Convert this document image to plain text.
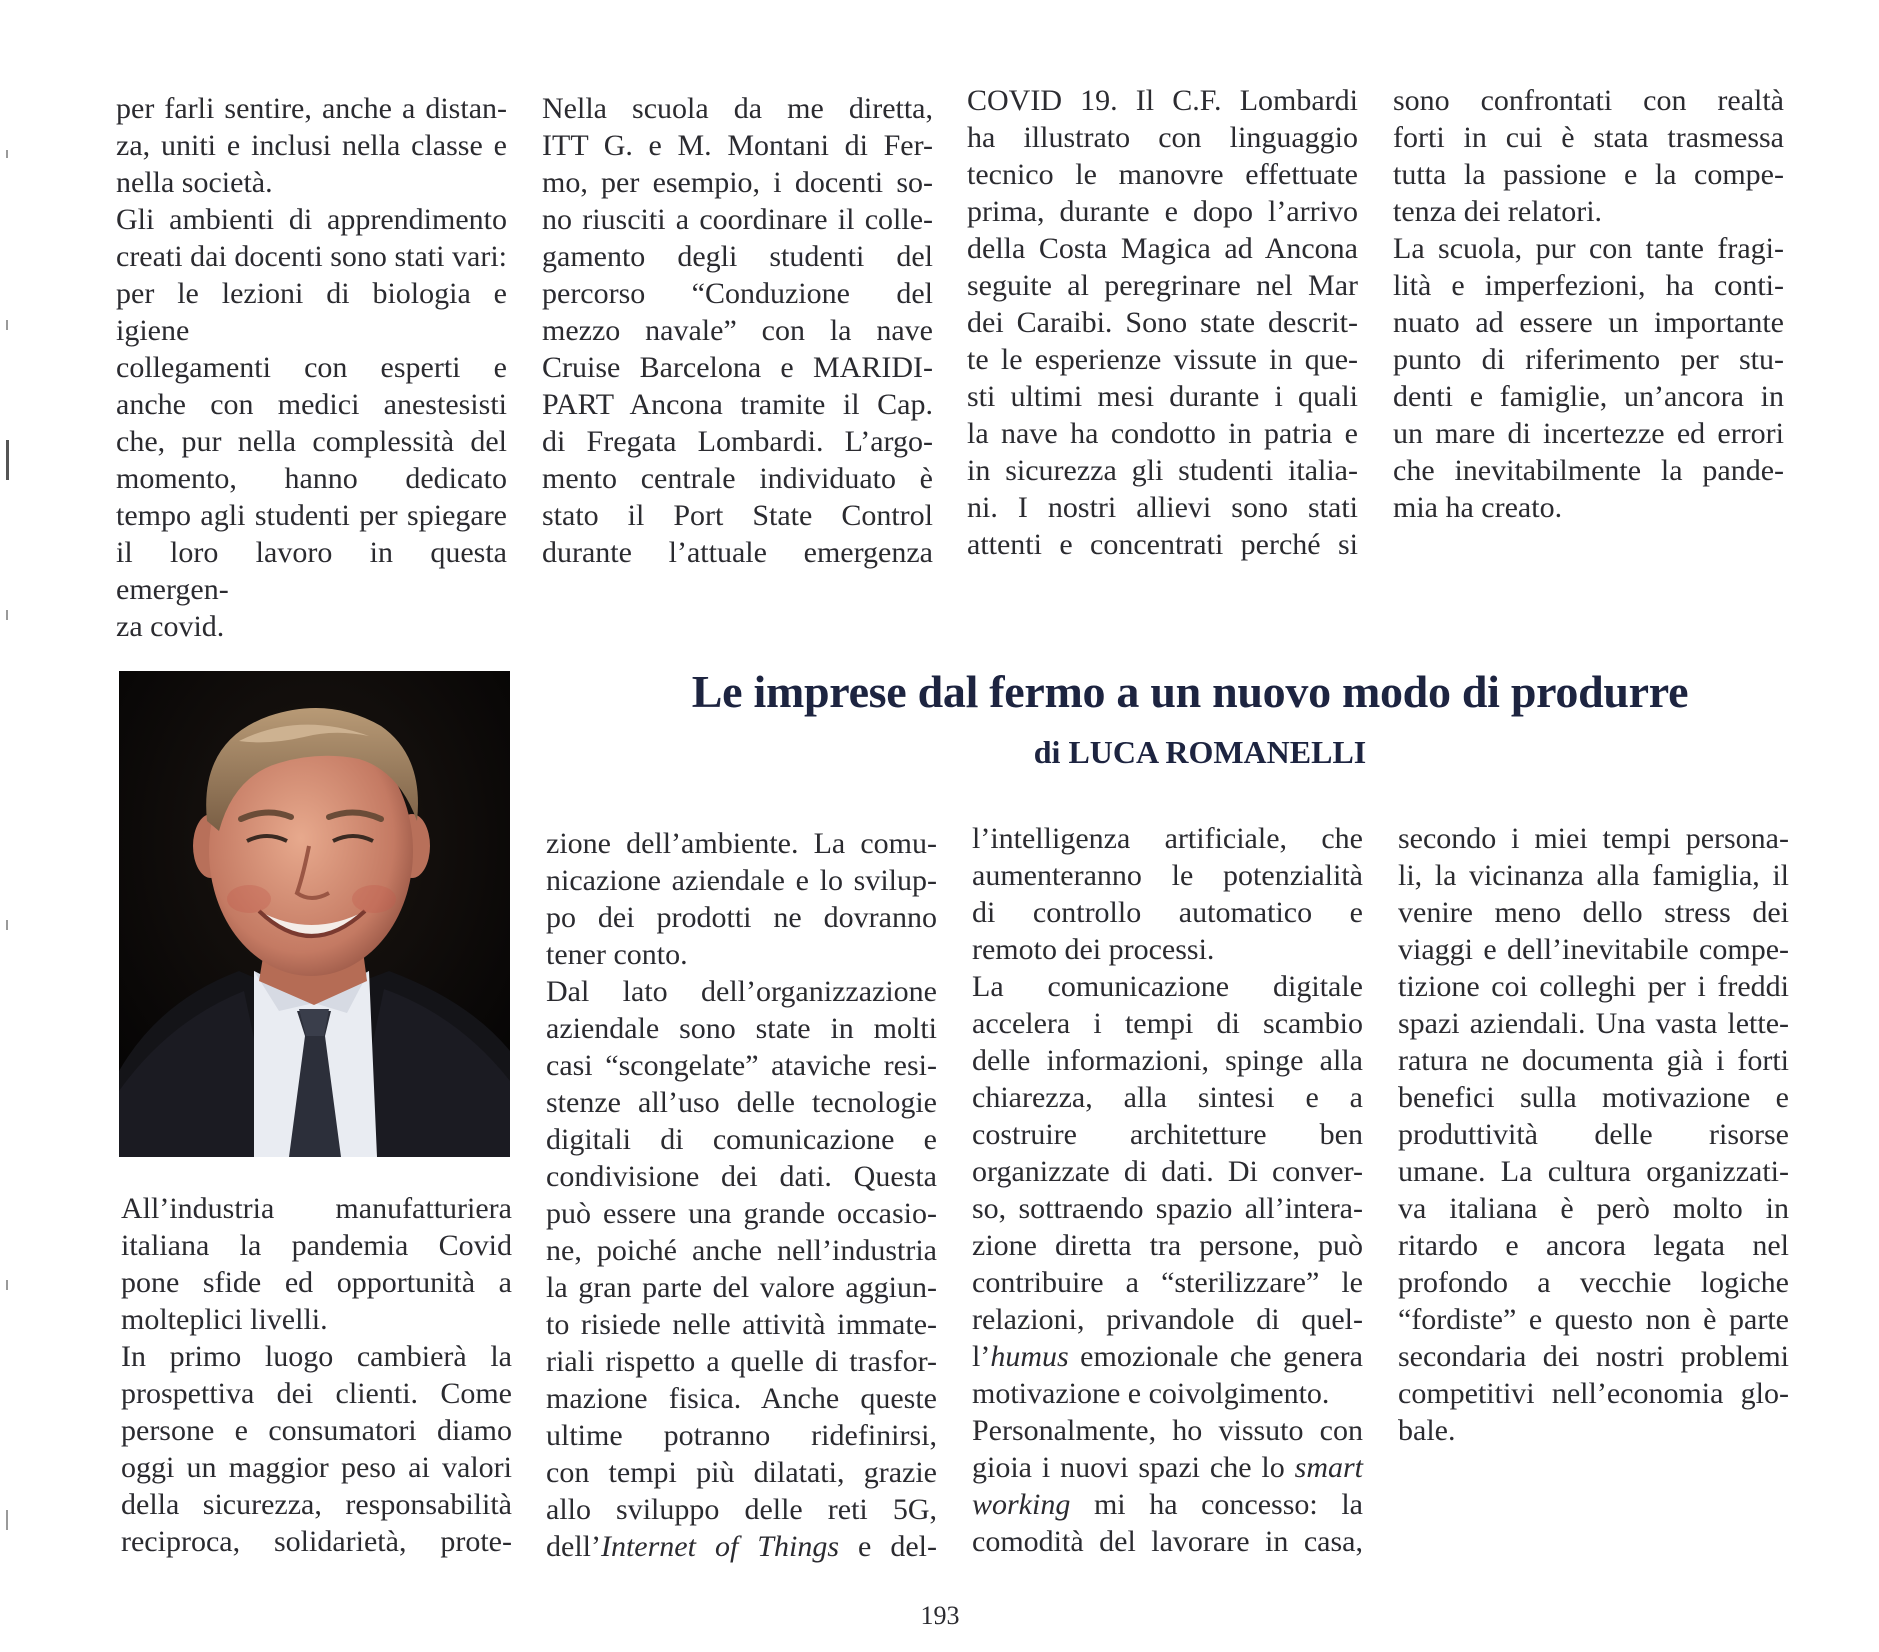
per farli sentire, anche a distan-

za, uniti e inclusi nella classe e

nella società.

Gli ambienti di apprendimento

creati dai docenti sono stati vari:

per le lezioni di biologia e igiene

collegamenti con esperti e

anche con medici anestesisti

che, pur nella complessità del

momento, hanno dedicato

tempo agli studenti per spiegare

il loro lavoro in questa emergen-

za covid.

Nella scuola da me diretta,

ITT G. e M. Montani di Fer-

mo, per esempio, i docenti so-

no riusciti a coordinare il colle-

gamento degli studenti del

percorso “Conduzione del

mezzo navale” con la nave

Cruise Barcelona e MARIDI-

PART Ancona tramite il Cap.

di Fregata Lombardi. L’argo-

mento centrale individuato è

stato il Port State Control

durante l’attuale emergenza

COVID 19. Il C.F. Lombardi

ha illustrato con linguaggio

tecnico le manovre effettuate

prima, durante e dopo l’arrivo

della Costa Magica ad Ancona

seguite al peregrinare nel Mar

dei Caraibi. Sono state descrit-

te le esperienze vissute in que-

sti ultimi mesi durante i quali

la nave ha condotto in patria e

in sicurezza gli studenti italia-

ni. I nostri allievi sono stati

attenti e concentrati perché si

sono confrontati con realtà

forti in cui è stata trasmessa

tutta la passione e la compe-

tenza dei relatori.

La scuola, pur con tante fragi-

lità e imperfezioni, ha conti-

nuato ad essere un importante

punto di riferimento per stu-

denti e famiglie, un’ancora in

un mare di incertezze ed errori

che inevitabilmente la pande-

mia ha creato.

Le imprese dal fermo a un nuovo modo di produrre
di LUCA ROMANELLI

All’industria manufatturiera

italiana la pandemia Covid

pone sfide ed opportunità a

molteplici livelli.

In primo luogo cambierà la

prospettiva dei clienti. Come

persone e consumatori diamo

oggi un maggior peso ai valori

della sicurezza, responsabilità

reciproca, solidarietà, prote-

zione dell’ambiente. La comu-

nicazione aziendale e lo svilup-

po dei prodotti ne dovranno

tener conto.

Dal lato dell’organizzazione

aziendale sono state in molti

casi “scongelate” ataviche resi-

stenze all’uso delle tecnologie

digitali di comunicazione e

condivisione dei dati. Questa

può essere una grande occasio-

ne, poiché anche nell’industria

la gran parte del valore aggiun-

to risiede nelle attività immate-

riali rispetto a quelle di trasfor-

mazione fisica. Anche queste

ultime potranno ridefinirsi,

con tempi più dilatati, grazie

allo sviluppo delle reti 5G,

dell’Internet of Things e del-

l’intelligenza artificiale, che

aumenteranno le potenzialità

di controllo automatico e

remoto dei processi.

La comunicazione digitale

accelera i tempi di scambio

delle informazioni, spinge alla

chiarezza, alla sintesi e a

costruire architetture ben

organizzate di dati. Di conver-

so, sottraendo spazio all’intera-

zione diretta tra persone, può

contribuire a “sterilizzare” le

relazioni, privandole di quel-

l’humus emozionale che genera

motivazione e coivolgimento.

Personalmente, ho vissuto con

gioia i nuovi spazi che lo smart

working mi ha concesso: la

comodità del lavorare in casa,

secondo i miei tempi persona-

li, la vicinanza alla famiglia, il

venire meno dello stress dei

viaggi e dell’inevitabile compe-

tizione coi colleghi per i freddi

spazi aziendali. Una vasta lette-

ratura ne documenta già i forti

benefici sulla motivazione e

produttività delle risorse

umane. La cultura organizzati-

va italiana è però molto in

ritardo e ancora legata nel

profondo a vecchie logiche

“fordiste” e questo non è parte

secondaria dei nostri problemi

competitivi nell’economia glo-

bale.

193
